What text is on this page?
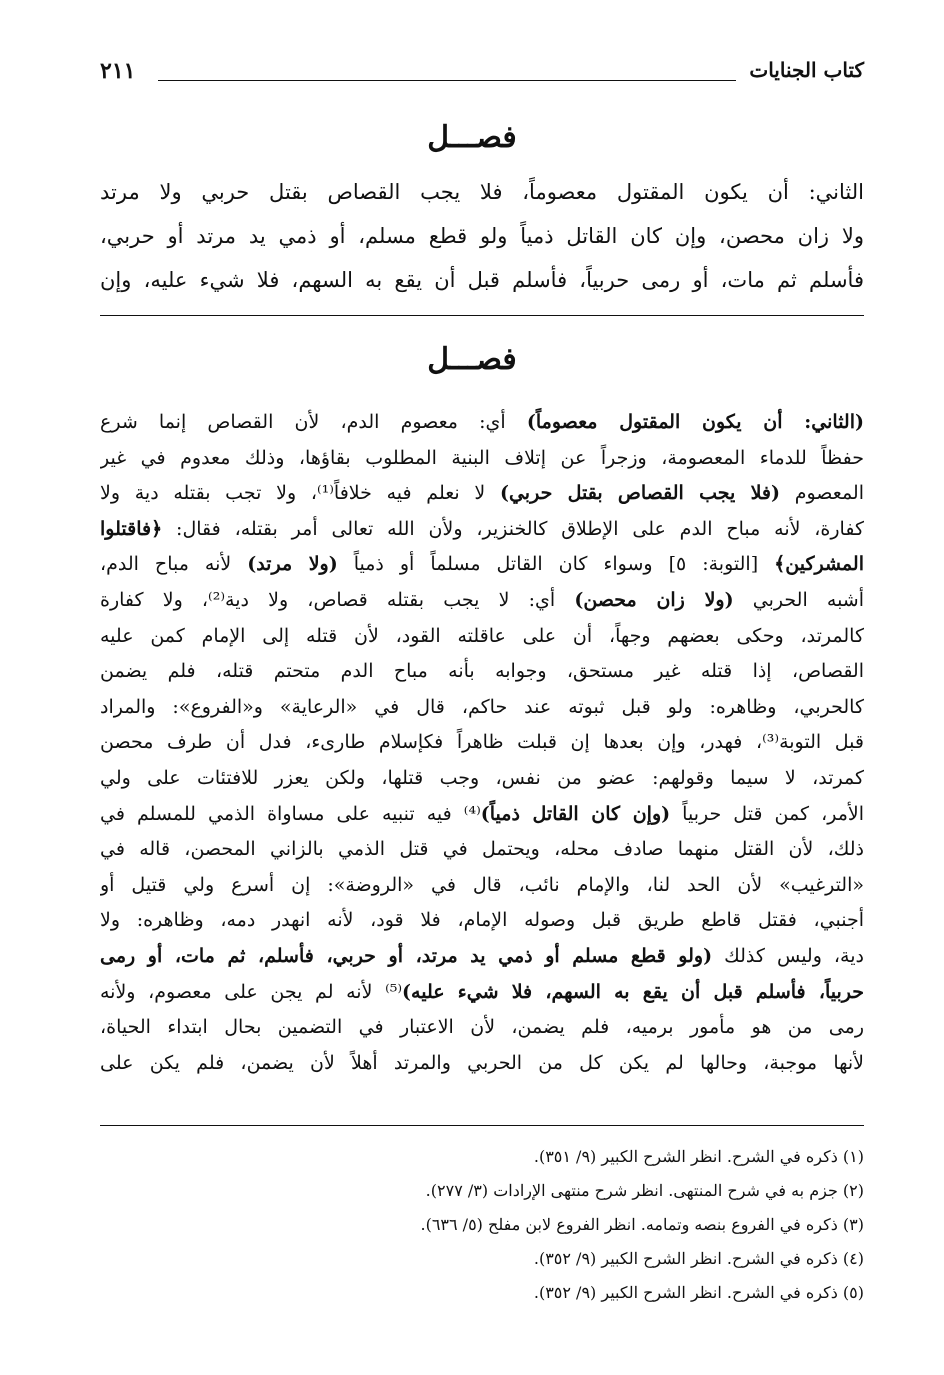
كتاب الجنايات
٢١١
فصـــل

الثاني: أن يكون المقتول معصوماً، فلا يجب القصاص بقتل حربي ولا مرتد

ولا زان محصن، وإن كان القاتل ذمياً ولو قطع مسلم، أو ذمي يد مرتد أو حربي،

فأسلم ثم مات، أو رمى حربياً، فأسلم قبل أن يقع به السهم، فلا شيء عليه، وإن

فصـــل
(الثاني: أن يكون المقتول معصوماً) أي: معصوم الدم، لأن القصاص إنما شرع
حفظاً للدماء المعصومة، وزجراً عن إتلاف البنية المطلوب بقاؤها، وذلك معدوم في غير
المعصوم (فلا يجب القصاص بقتل حربي) لا نعلم فيه خلافاً⁽¹⁾، ولا تجب بقتله دية ولا
كفارة، لأنه مباح الدم على الإطلاق كالخنزير، ولأن الله تعالى أمر بقتله، فقال: ﴿فاقتلوا
المشركين﴾ [التوبة: ٥] وسواء كان القاتل مسلماً أو ذمياً (ولا مرتد) لأنه مباح الدم،
أشبه الحربي (ولا زان محصن) أي: لا يجب بقتله قصاص، ولا دية⁽²⁾، ولا كفارة
كالمرتد، وحكى بعضهم وجهاً، أن على عاقلته القود، لأن قتله إلى الإمام كمن عليه
القصاص، إذا قتله غير مستحق، وجوابه بأنه مباح الدم متحتم قتله، فلم يضمن
كالحربي، وظاهره: ولو قبل ثبوته عند حاكم، قال في «الرعاية» و«الفروع»: والمراد
قبل التوبة⁽³⁾، فهدر، وإن بعدها إن قبلت ظاهراً فكإسلام طارىء، فدل أن طرف محصن
كمرتد، لا سيما وقولهم: عضو من نفس، وجب قتلها، ولكن يعزر للافتئات على ولي
الأمر، كمن قتل حربياً (وإن كان القاتل ذمياً)⁽⁴⁾ فيه تنبيه على مساواة الذمي للمسلم في
ذلك، لأن القتل منهما صادف محله، ويحتمل في قتل الذمي بالزاني المحصن، قاله في
«الترغيب» لأن الحد لنا، والإمام نائب، قال في «الروضة»: إن أسرع ولي قتيل أو
أجنبي، فقتل قاطع طريق قبل وصوله الإمام، فلا قود، لأنه انهدر دمه، وظاهره: ولا
دية، وليس كذلك (ولو قطع مسلم أو ذمي يد مرتد، أو حربي، فأسلم، ثم مات، أو رمى
حربياً، فأسلم قبل أن يقع به السهم، فلا شيء عليه)⁽⁵⁾ لأنه لم يجن على معصوم، ولأنه
رمى من هو مأمور برميه، فلم يضمن، لأن الاعتبار في التضمين بحال ابتداء الحياة،
لأنها موجبة، وحالها لم يكن كل من الحربي والمرتد أهلاً لأن يضمن، فلم يكن على
(١) ذكره في الشرح. انظر الشرح الكبير (٩/ ٣٥١).
(٢) جزم به في شرح المنتهى. انظر شرح منتهى الإرادات (٣/ ٢٧٧).
(٣) ذكره في الفروع بنصه وتمامه. انظر الفروع لابن مفلح (٥/ ٦٣٦).
(٤) ذكره في الشرح. انظر الشرح الكبير (٩/ ٣٥٢).
(٥) ذكره في الشرح. انظر الشرح الكبير (٩/ ٣٥٢).
